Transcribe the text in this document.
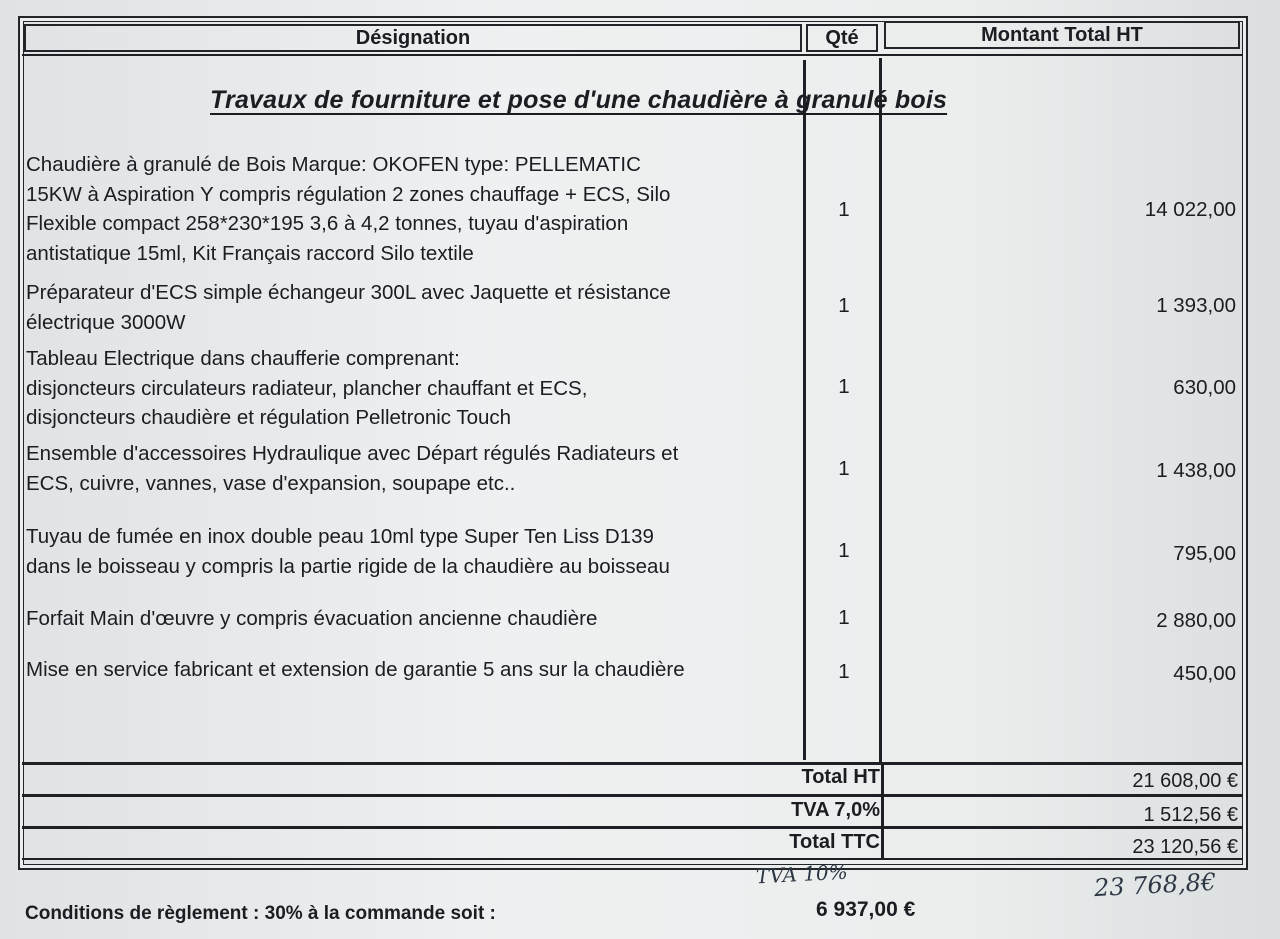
Désignation	Qté	Montant Total HT
Travaux de fourniture et pose d'une chaudière à granulé bois
Chaudière à granulé de Bois Marque: OKOFEN type: PELLEMATIC
15KW à Aspiration Y compris régulation 2 zones chauffage + ECS, Silo
Flexible compact 258*230*195 3,6 à 4,2 tonnes, tuyau d'aspiration
antistatique 15ml, Kit Français raccord Silo textile
1	14 022,00
Préparateur d'ECS simple échangeur 300L avec Jaquette et résistance
électrique 3000W
1	1 393,00
Tableau Electrique dans chaufferie comprenant:
disjoncteurs circulateurs radiateur, plancher chauffant et ECS,
disjoncteurs chaudière et régulation Pelletronic Touch
1	630,00
Ensemble d'accessoires Hydraulique avec Départ régulés Radiateurs et
ECS, cuivre, vannes, vase d'expansion, soupape etc..
1	1 438,00
Tuyau de fumée en inox double peau 10ml type Super Ten Liss D139
dans le boisseau y compris la partie rigide de la chaudière au boisseau
1	795,00
Forfait Main d'œuvre y compris évacuation ancienne chaudière	1	2 880,00
Mise en service fabricant et extension de garantie 5 ans sur la chaudière	1	450,00
Total HT	21 608,00 €
TVA 7,0%	1 512,56 €
Total TTC	23 120,56 €
TVA 10%	23 768,8€
Conditions de règlement : 30% à la commande soit :	6 937,00 €
